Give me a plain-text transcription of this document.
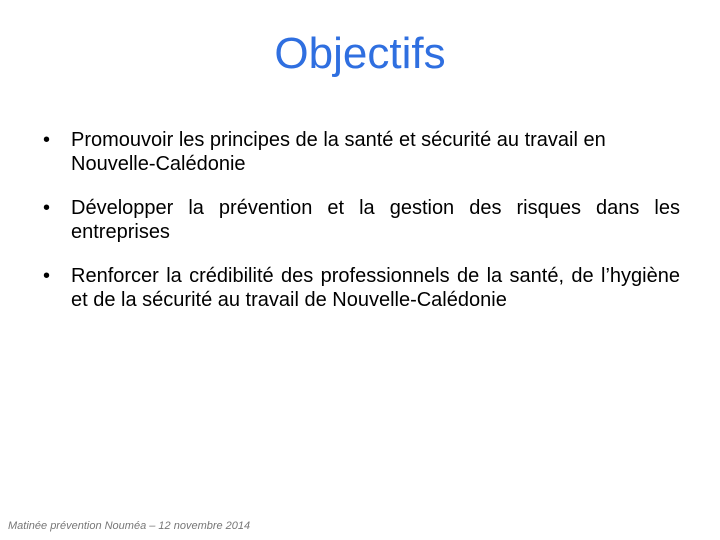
Objectifs
• Promouvoir les principes de la santé et sécurité au travail en Nouvelle-Calédonie
• Développer la prévention et la gestion des risques dans les entreprises
• Renforcer la crédibilité des professionnels de la santé, de l’hygiène et de la sécurité au travail de Nouvelle-Calédonie
Matinée prévention Nouméa – 12 novembre 2014
